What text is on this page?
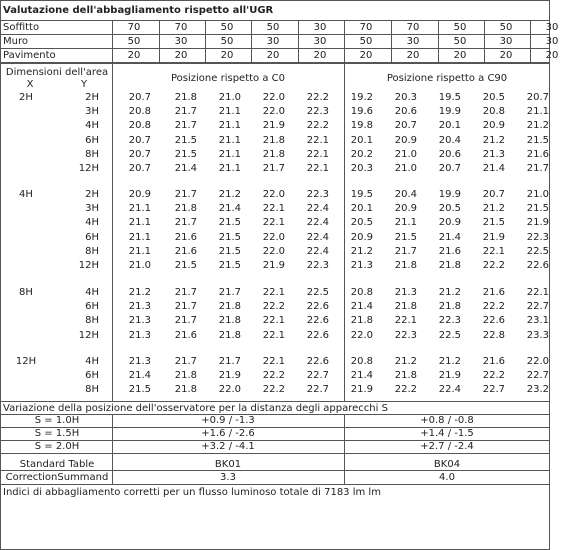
Valutazione dell'abbagliamento rispetto all'UGR
Soffitto	70	70	50	50	30	70	70	50	50	30
Muro	50	30	50	30	30	50	30	50	30	30
Pavimento	20	20	20	20	20	20	20	20	20	20
Dimensioni dell'area
X	Y
Posizione rispetto a C0	Posizione rispetto a C90
2H	2H	20.7	21.8	21.0	22.0	22.2	19.2	20.3	19.5	20.5	20.7
3H	20.8	21.7	21.1	22.0	22.3	19.6	20.6	19.9	20.8	21.1
4H	20.8	21.7	21.1	21.9	22.2	19.8	20.7	20.1	20.9	21.2
6H	20.7	21.5	21.1	21.8	22.1	20.1	20.9	20.4	21.2	21.5
8H	20.7	21.5	21.1	21.8	22.1	20.2	21.0	20.6	21.3	21.6
12H	20.7	21.4	21.1	21.7	22.1	20.3	21.0	20.7	21.4	21.7
4H	2H	20.9	21.7	21.2	22.0	22.3	19.5	20.4	19.9	20.7	21.0
3H	21.1	21.8	21.4	22.1	22.4	20.1	20.9	20.5	21.2	21.5
4H	21.1	21.7	21.5	22.1	22.4	20.5	21.1	20.9	21.5	21.9
6H	21.1	21.6	21.5	22.0	22.4	20.9	21.5	21.4	21.9	22.3
8H	21.1	21.6	21.5	22.0	22.4	21.2	21.7	21.6	22.1	22.5
12H	21.0	21.5	21.5	21.9	22.3	21.3	21.8	21.8	22.2	22.6
8H	4H	21.2	21.7	21.7	22.1	22.5	20.8	21.3	21.2	21.6	22.1
6H	21.3	21.7	21.8	22.2	22.6	21.4	21.8	21.8	22.2	22.7
8H	21.3	21.7	21.8	22.1	22.6	21.8	22.1	22.3	22.6	23.1
12H	21.3	21.6	21.8	22.1	22.6	22.0	22.3	22.5	22.8	23.3
12H	4H	21.3	21.7	21.7	22.1	22.6	20.8	21.2	21.2	21.6	22.0
6H	21.4	21.8	21.9	22.2	22.7	21.4	21.8	21.9	22.2	22.7
8H	21.5	21.8	22.0	22.2	22.7	21.9	22.2	22.4	22.7	23.2
Variazione della posizione dell'osservatore per la distanza degli apparecchi S
S = 1.0H	+0.9 / -1.3	+0.8 / -0.8
S = 1.5H	+1.6 / -2.6	+1.4 / -1.5
S = 2.0H	+3.2 / -4.1	+2.7 / -2.4
Standard Table	BK01	BK04
CorrectionSummand	3.3	4.0
Indici di abbagliamento corretti per un flusso luminoso totale di 7183 lm lm
